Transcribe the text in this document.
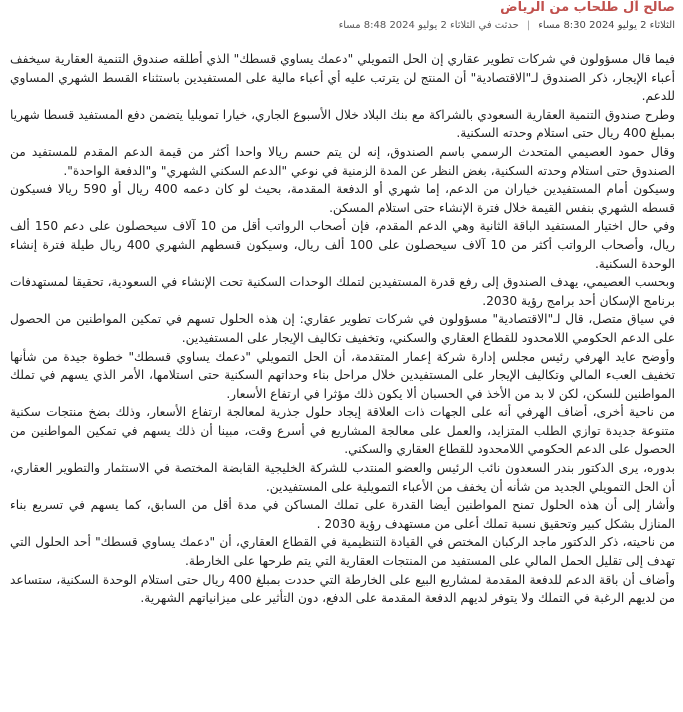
صالح آل طلحاب من الرياض
الثلاثاء 2 يوليو 2024 8:30 مساء
|
حدثت في الثلاثاء 2 يوليو 2024 8:48 مساء

فيما قال مسؤولون في شركات تطوير عقاري إن الحل التمويلي "دعمك يساوي قسطك" الذي أطلقه صندوق التنمية العقارية سيخفف أعباء الإيجار، ذكر الصندوق لـ"الاقتصادية" أن المنتج لن يترتب عليه أي أعباء مالية على المستفيدين باستثناء القسط الشهري المساوي للدعم.

وطرح صندوق التنمية العقارية السعودي بالشراكة مع بنك البلاد خلال الأسبوع الجاري، خيارا تمويليا يتضمن دفع المستفيد قسطا شهريا بمبلغ 400 ريال حتى استلام وحدته السكنية.

وقال حمود العصيمي المتحدث الرسمي باسم الصندوق، إنه لن يتم حسم ريالا واحدا أكثر من قيمة الدعم المقدم للمستفيد من الصندوق حتى استلام وحدته السكنية، بغض النظر عن المدة الزمنية في نوعي "الدعم السكني الشهري" و"الدفعة الواحدة".

وسيكون أمام المستفيدين خياران من الدعم، إما شهري أو الدفعة المقدمة، بحيث لو كان دعمه 400 ريال أو 590 ريالا فسيكون قسطه الشهري بنفس القيمة خلال فترة الإنشاء حتى استلام المسكن.

وفي حال اختيار المستفيد الباقة الثانية وهي الدعم المقدم، فإن أصحاب الرواتب أقل من 10 آلاف سيحصلون على دعم 150 ألف ريال، وأصحاب الرواتب أكثر من 10 آلاف سيحصلون على 100 ألف ريال، وسيكون قسطهم الشهري 400 ريال طيلة فترة إنشاء الوحدة السكنية.

وبحسب العصيمي، يهدف الصندوق إلى رفع قدرة المستفيدين لتملك الوحدات السكنية تحت الإنشاء في السعودية، تحقيقا لمستهدفات برنامج الإسكان أحد برامج رؤية 2030.

في سياق متصل، قال لـ"الاقتصادية" مسؤولون في شركات تطوير عقاري: إن هذه الحلول تسهم في تمكين المواطنين من الحصول على الدعم الحكومي اللامحدود للقطاع العقاري والسكني، وتخفيف تكاليف الإيجار على المستفيدين.

وأوضح عايد الهرفي رئيس مجلس إدارة شركة إعمار المتقدمة، أن الحل التمويلي "دعمك يساوي قسطك" خطوة جيدة من شأنها تخفيف العبء المالي وتكاليف الإيجار على المستفيدين خلال مراحل بناء وحداتهم السكنية حتى استلامها، الأمر الذي يسهم في تملك المواطنين للسكن، لكن لا بد من الأخذ في الحسبان ألا يكون ذلك مؤثرا في ارتفاع الأسعار.

من ناحية أخرى، أضاف الهرفي أنه على الجهات ذات العلاقة إيجاد حلول جذرية لمعالجة ارتفاع الأسعار، وذلك بضخ منتجات سكنية متنوعة جديدة توازي الطلب المتزايد، والعمل على معالجة المشاريع في أسرع وقت، مبينا أن ذلك يسهم في تمكين المواطنين من الحصول على الدعم الحكومي اللامحدود للقطاع العقاري والسكني.

بدوره، يرى الدكتور بندر السعدون نائب الرئيس والعضو المنتدب للشركة الخليجية القابضة المختصة في الاستثمار والتطوير العقاري، أن الحل التمويلي الجديد من شأنه أن يخفف من الأعباء التمويلية على المستفيدين.

وأشار إلى أن هذه الحلول تمنح المواطنين أيضا القدرة على تملك المساكن في مدة أقل من السابق، كما يسهم في تسريع بناء المنازل بشكل كبير وتحقيق نسبة تملك أعلى من مستهدف رؤية 2030 .

من ناحيته، ذكر الدكتور ماجد الركبان المختص في القيادة التنظيمية في القطاع العقاري، أن "دعمك يساوي قسطك" أحد الحلول التي تهدف إلى تقليل الحمل المالي على المستفيد من المنتجات العقارية التي يتم طرحها على الخارطة.

وأضاف أن باقة الدعم للدفعة المقدمة لمشاريع البيع على الخارطة التي حددت بمبلغ 400 ريال حتى استلام الوحدة السكنية، ستساعد من لديهم الرغبة في التملك ولا يتوفر لديهم الدفعة المقدمة على الدفع، دون التأثير على ميزانياتهم الشهرية.
